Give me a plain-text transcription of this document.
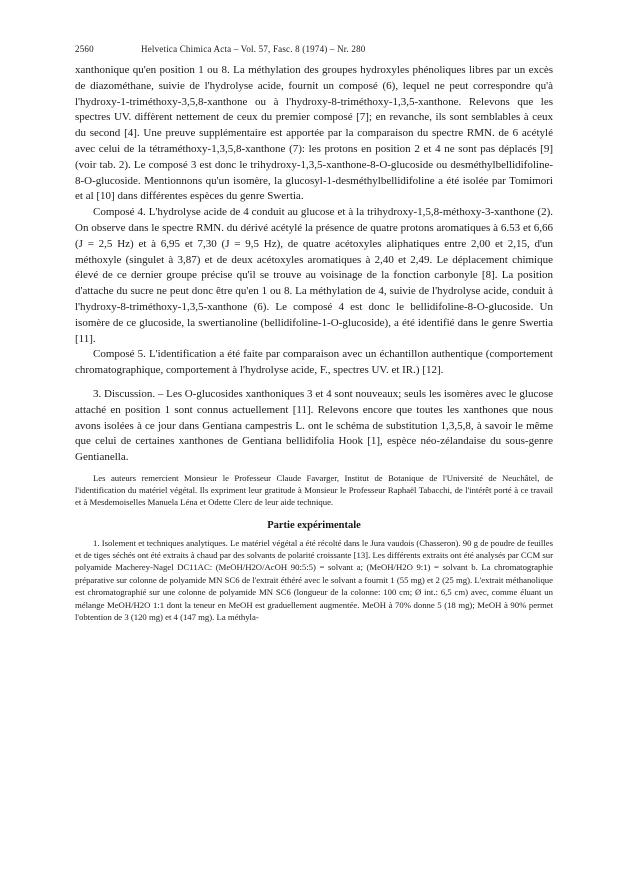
2560	Helvetica Chimica Acta – Vol. 57, Fasc. 8 (1974) – Nr. 280

xanthonique qu'en position 1 ou 8. La méthylation des groupes hydroxyles phénoliques libres par un excès de diazométhane, suivie de l'hydrolyse acide, fournit un composé (6), lequel ne peut correspondre qu'à l'hydroxy-1-triméthoxy-3,5,8-xanthone ou à l'hydroxy-8-triméthoxy-1,3,5-xanthone. Relevons que les spectres UV. diffèrent nettement de ceux du premier composé [7]; en revanche, ils sont semblables à ceux du second [4]. Une preuve supplémentaire est apportée par la comparaison du spectre RMN. de 6 acétylé avec celui de la tétraméthoxy-1,3,5,8-xanthone (7): les protons en position 2 et 4 ne sont pas déplacés [9] (voir tab. 2). Le composé 3 est donc le trihydroxy-1,3,5-xanthone-8-O-glucoside ou desméthylbellidifoline-8-O-glucoside. Mentionnons qu'un isomère, la glucosyl-1-desméthylbellidifoline a été isolée par Tomimori et al [10] dans différentes espèces du genre Swertia.

Composé 4. L'hydrolyse acide de 4 conduit au glucose et à la trihydroxy-1,5,8-méthoxy-3-xanthone (2). On observe dans le spectre RMN. du dérivé acétylé la présence de quatre protons aromatiques à 6.53 et 6,66 (J = 2,5 Hz) et à 6,95 et 7,30 (J = 9,5 Hz), de quatre acétoxyles aliphatiques entre 2,00 et 2,15, d'un méthoxyle (singulet à 3,87) et de deux acétoxyles aromatiques à 2,40 et 2,49. Le déplacement chimique élevé de ce dernier groupe précise qu'il se trouve au voisinage de la fonction carbonyle [8]. La position d'attache du sucre ne peut donc être qu'en 1 ou 8. La méthylation de 4, suivie de l'hydrolyse acide, conduit à l'hydroxy-8-triméthoxy-1,3,5-xanthone (6). Le composé 4 est donc le bellidifoline-8-O-glucoside. Un isomère de ce glucoside, la swertianoline (bellidifoline-1-O-glucoside), a été identifié dans le genre Swertia [11].

Composé 5. L'identification a été faite par comparaison avec un échantillon authentique (comportement chromatographique, comportement à l'hydrolyse acide, F., spectres UV. et IR.) [12].

3. Discussion. – Les O-glucosides xanthoniques 3 et 4 sont nouveaux; seuls les isomères avec le glucose attaché en position 1 sont connus actuellement [11]. Relevons encore que toutes les xanthones que nous avons isolées à ce jour dans Gentiana campestris L. ont le schéma de substitution 1,3,5,8, à savoir le même que celui de certaines xanthones de Gentiana bellidifolia Hook [1], espèce néo-zélandaise du sous-genre Gentianella.

Les auteurs remercient Monsieur le Professeur Claude Favarger, Institut de Botanique de l'Université de Neuchâtel, de l'identification du matériel végétal. Ils expriment leur gratitude à Monsieur le Professeur Raphaël Tabacchi, de l'intérêt porté à ce travail et à Mesdemoiselles Manuela Léna et Odette Clerc de leur aide technique.
Partie expérimentale

1. Isolement et techniques analytiques. Le matériel végétal a été récolté dans le Jura vaudois (Chasseron). 90 g de poudre de feuilles et de tiges séchés ont été extraits à chaud par des solvants de polarité croissante [13]. Les différents extraits ont été analysés par CCM sur polyamide Macherey-Nagel DC11AC: (MeOH/H2O/AcOH 90:5:5) = solvant a; (MeOH/H2O 9:1) = solvant b. La chromatographie préparative sur colonne de polyamide MN SC6 de l'extrait éthéré avec le solvant a fournit 1 (55 mg) et 2 (25 mg). L'extrait méthanolique est chromatographié sur une colonne de polyamide MN SC6 (longueur de la colonne: 100 cm; Ø int.: 6,5 cm) avec, comme éluant un mélange MeOH/H2O 1:1 dont la teneur en MeOH est graduellement augmentée. MeOH à 70% donne 5 (18 mg); MeOH à 90% permet l'obtention de 3 (120 mg) et 4 (147 mg). La méthyla-
